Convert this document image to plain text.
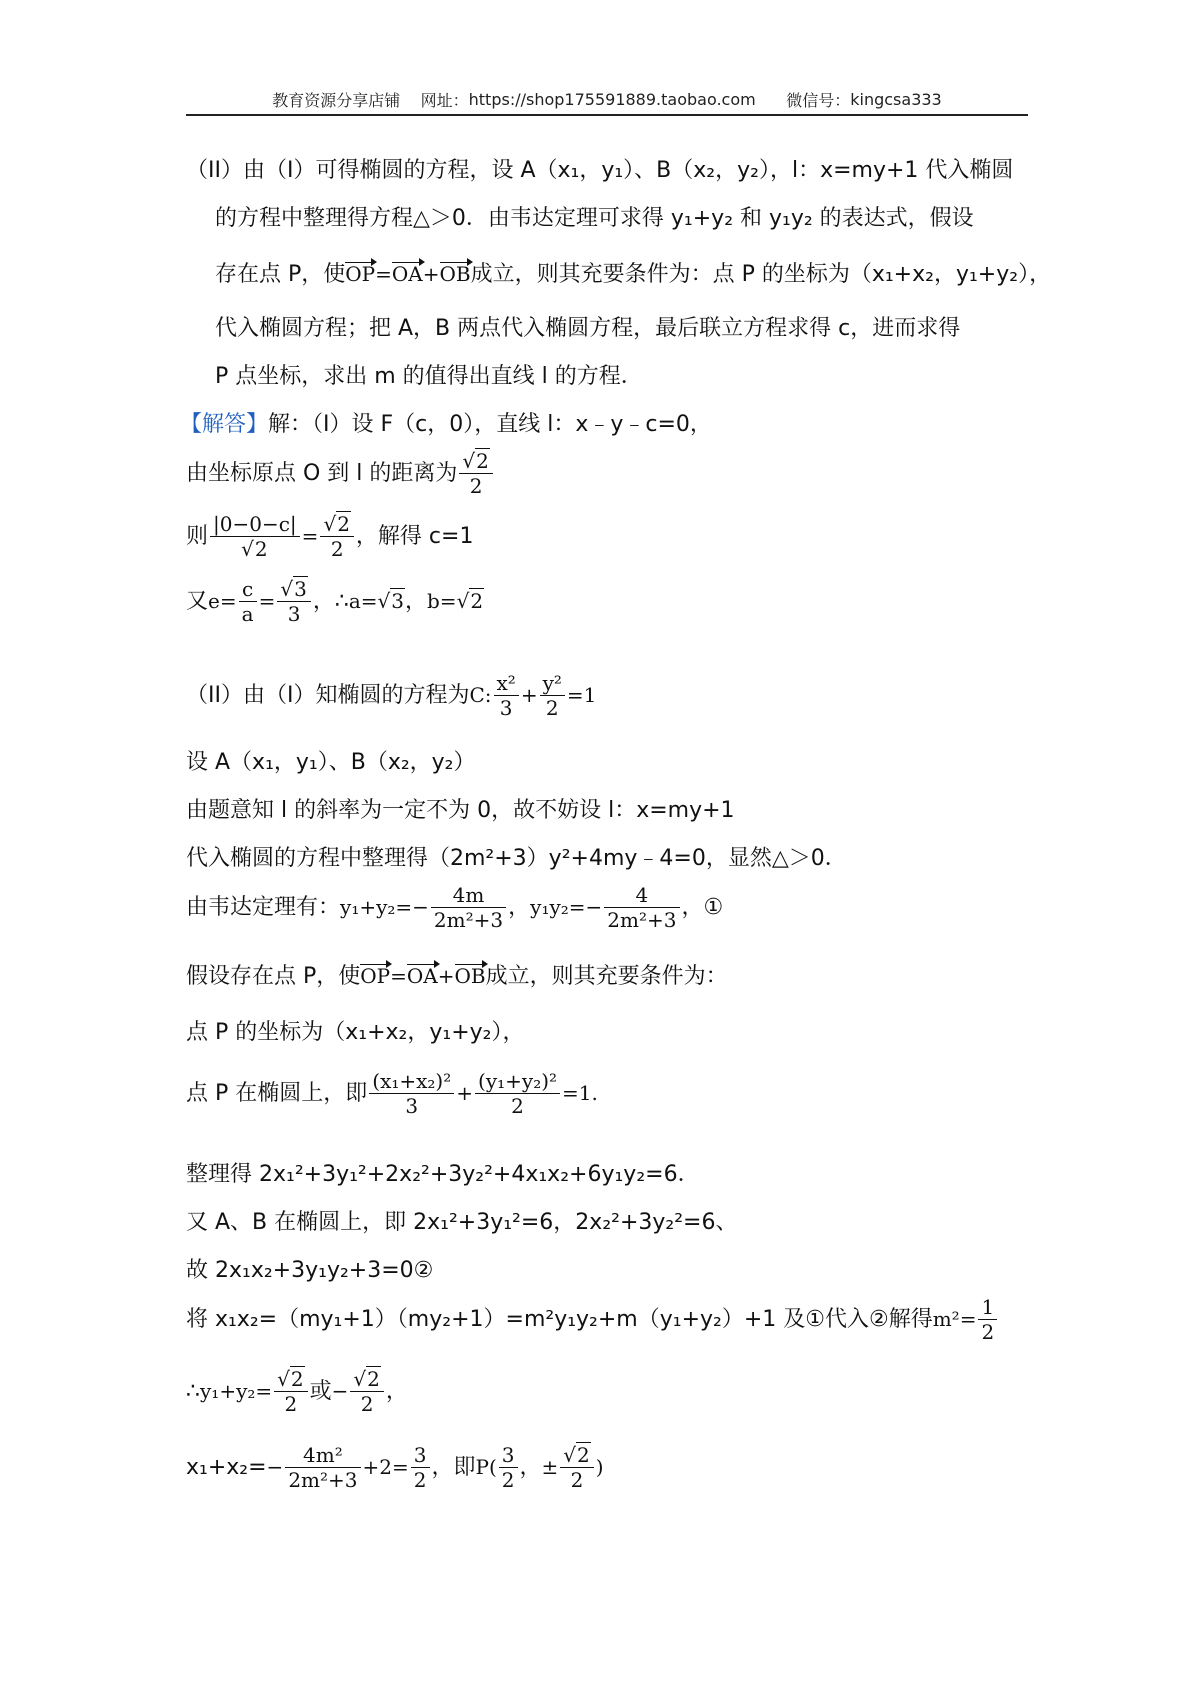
教育资源分享店铺
网址： https://shop175591889.taobao.com
微信号： kingcsa333
（II）由（I）可得椭圆的方程，设 A（x₁，y₁）、B（x₂，y₂），l：x=my+1 代入椭圆
的方程中整理得方程△＞0．由韦达定理可求得 y₁+y₂ 和 y₁y₂ 的表达式，假设
存在点 P，使OP=OA+OB成立，则其充要条件为：点 P 的坐标为（x₁+x₂，y₁+y₂），
代入椭圆方程；把 A，B 两点代入椭圆方程，最后联立方程求得 c，进而求得
P 点坐标，求出 m 的值得出直线 l 的方程．
【解答】解：（I）设 F（c，0），直线 l：x﹣y﹣c=0，
由坐标原点 O 到 l 的距离为 $\frac{√2}{2}$
则 $\frac{|0-0-c|}{√2} = \frac{√2}{2}$ ，解得 c=1
又$e= \frac{c}{a} = \frac{√3}{3}$ ，∴a=√3，b=√2
（II）由（I）知椭圆的方程为C: $\frac{\text{x²}}{3} + \frac{\text{y²}}{2} =1$
设 A（x₁，y₁）、B（x₂，y₂）
由题意知 l 的斜率为一定不为 0，故不妨设 l：x=my+1
代入椭圆的方程中整理得（2m²+3）y²+4my﹣4=0，显然△＞0．
由韦达定理有：$y_1+y_2=- \frac{4m}{\text{2m²+3}}$ ，$y_1y_2=- \frac{4}{\text{2m²+3}}$ ，①
假设存在点 P，使OP=OA+OB成立，则其充要条件为：
点 P 的坐标为（x₁+x₂，y₁+y₂），
点 P 在椭圆上，即 $\frac{\text{(x₁+x₂)²}}{3} + \frac{\text{(y₁+y₂)²}}{2} =1$.
整理得 2x₁²+3y₁²+2x₂²+3y₂²+4x₁x₂+6y₁y₂=6．
又 A、B 在椭圆上，即 2x₁²+3y₁²=6，2x₂²+3y₂²=6、
故 2x₁x₂+3y₁y₂+3=0②
将 x₁x₂=（my₁+1）（my₂+1）=m²y₁y₂+m（y₁+y₂）+1 及①代入②解得$m^2= \frac{1}{2}$
∴y₁+y₂= $\frac{√2}{2}$ 或− $\frac{√2}{2}$ ，
$x_1+x_2=- \frac{\text{4m²}}{\text{2m²+3}} +2= \frac{3}{2}$ ，即$P( \frac{3}{2}$ ，± $\frac{√2}{2}$ )
